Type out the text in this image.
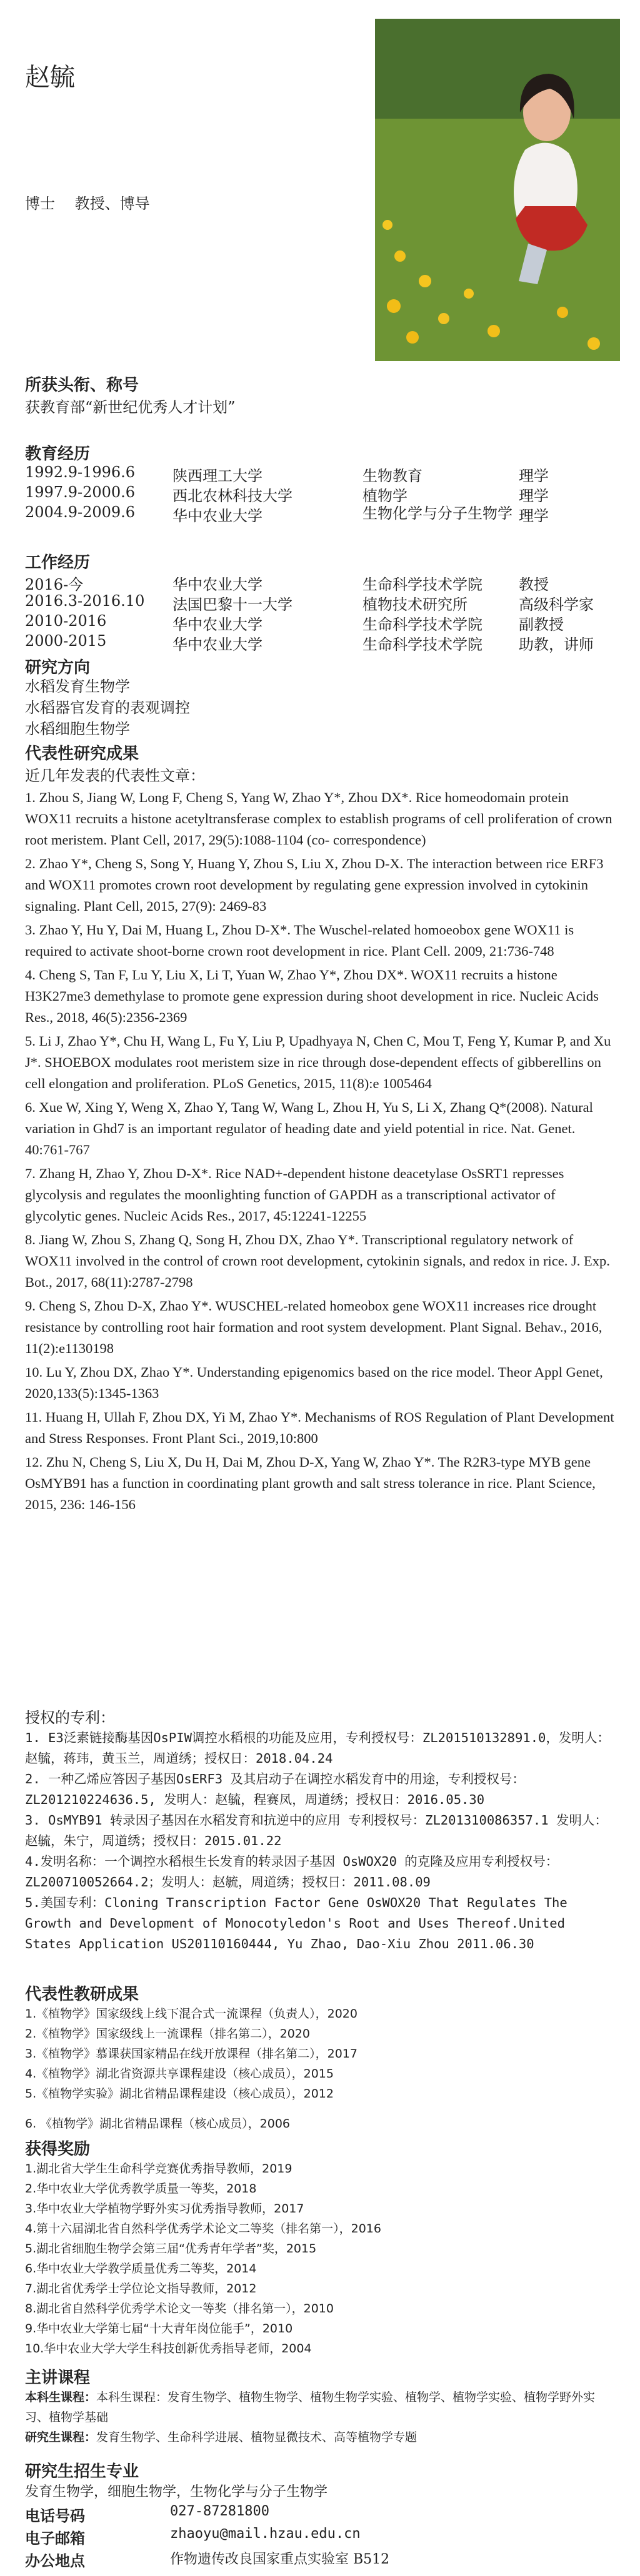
赵毓
博士　 教授、博导
所获头衔、称号
获教育部“新世纪优秀人才计划”
教育经历
1992.9-1996.6 陕西理工大学	生物教育	理学
1997.9-2000.6 西北农林科技大学	植物学	理学
2004.9-2009.6 华中农业大学	生物化学与分子生物学 理学
工作经历
2016-今	华中农业大学	生命科学技术学院 教授
2016.3-2016.10 法国巴黎十一大学	植物技术研究所	高级科学家
2010-2016	华中农业大学	生命科学技术学院 副教授
2000-2015	华中农业大学	生命科学技术学院 助教，讲师
研究方向
水稻发育生物学
水稻器官发育的表观调控
水稻细胞生物学
代表性研究成果
近几年发表的代表性文章：

1. Zhou S, Jiang W, Long F, Cheng S, Yang W, Zhao Y*, Zhou DX*. Rice homeodomain protein WOX11 recruits a histone acetyltransferase complex to establish programs of cell proliferation of crown root meristem. Plant Cell, 2017, 29(5):1088-1104 (co- correspondence)

2. Zhao Y*, Cheng S, Song Y, Huang Y, Zhou S, Liu X, Zhou D-X. The interaction between rice ERF3 and WOX11 promotes crown root development by regulating gene expression involved in cytokinin signaling. Plant Cell, 2015, 27(9): 2469-83

3. Zhao Y, Hu Y, Dai M, Huang L, Zhou D-X*. The Wuschel-related homoeobox gene WOX11 is required to activate shoot-borne crown root development in rice. Plant Cell. 2009, 21:736-748

4. Cheng S, Tan F, Lu Y, Liu X, Li T, Yuan W, Zhao Y*, Zhou DX*. WOX11 recruits a histone H3K27me3 demethylase to promote gene expression during shoot development in rice. Nucleic Acids Res., 2018, 46(5):2356-2369

5. Li J, Zhao Y*, Chu H, Wang L, Fu Y, Liu P, Upadhyaya N, Chen C, Mou T, Feng Y, Kumar P, and Xu J*. SHOEBOX modulates root meristem size in rice through dose-dependent effects of gibberellins on cell elongation and proliferation. PLoS Genetics, 2015, 11(8):e 1005464

6. Xue W, Xing Y, Weng X, Zhao Y, Tang W, Wang L, Zhou H, Yu S, Li X, Zhang Q*(2008). Natural variation in Ghd7 is an important regulator of heading date and yield potential in rice. Nat. Genet. 40:761-767

7. Zhang H, Zhao Y, Zhou D-X*. Rice NAD+-dependent histone deacetylase OsSRT1 represses glycolysis and regulates the moonlighting function of GAPDH as a transcriptional activator of glycolytic genes. Nucleic Acids Res., 2017, 45:12241-12255

8. Jiang W, Zhou S, Zhang Q, Song H, Zhou DX, Zhao Y*. Transcriptional regulatory network of WOX11 involved in the control of crown root development, cytokinin signals, and redox in rice. J. Exp. Bot., 2017, 68(11):2787-2798

9. Cheng S, Zhou D-X, Zhao Y*. WUSCHEL-related homeobox gene WOX11 increases rice drought resistance by controlling root hair formation and root system development. Plant Signal. Behav., 2016, 11(2):e1130198

10. Lu Y, Zhou DX, Zhao Y*. Understanding epigenomics based on the rice model. Theor Appl Genet, 2020,133(5):1345-1363

11. Huang H, Ullah F, Zhou DX, Yi M, Zhao Y*. Mechanisms of ROS Regulation of Plant Development and Stress Responses. Front Plant Sci., 2019,10:800

12. Zhu N, Cheng S, Liu X, Du H, Dai M, Zhou D-X, Yang W, Zhao Y*. The R2R3-type MYB gene OsMYB91 has a function in coordinating plant growth and salt stress tolerance in rice. Plant Science, 2015, 236: 146-156

授权的专利：
1. E3泛素链接酶基因OsPIW调控水稻根的功能及应用，专利授权号：ZL201510132891.0，发明人：赵毓，蒋玮，黄玉兰，周道绣；授权日：2018.04.24
2. 一种乙烯应答因子基因OsERF3 及其启动子在调控水稻发育中的用途，专利授权号：ZL201210224636.5, 发明人：赵毓，程赛凤，周道绣；授权日：2016.05.30
3. OsMYB91 转录因子基因在水稻发育和抗逆中的应用 专利授权号：ZL201310086357.1 发明人：赵毓，朱宁，周道绣；授权日：2015.01.22
4.发明名称：一个调控水稻根生长发育的转录因子基因 OsWOX20 的克隆及应用专利授权号：ZL200710052664.2；发明人：赵毓，周道绣；授权日：2011.08.09
5.美国专利：Cloning Transcription Factor Gene OsWOX20 That Regulates The Growth and Development of Monocotyledon's Root and Uses Thereof.United States Application US20110160444, Yu Zhao, Dao-Xiu Zhou 2011.06.30
代表性教研成果
1.《植物学》国家级线上线下混合式一流课程（负责人），2020
2.《植物学》国家级线上一流课程（排名第二），2020
3.《植物学》慕课获国家精品在线开放课程（排名第二），2017
4.《植物学》湖北省资源共享课程建设（核心成员），2015
5.《植物学实验》湖北省精品课程建设（核心成员），2012
6. 《植物学》湖北省精品课程（核心成员），2006
获得奖励
1.湖北省大学生生命科学竞赛优秀指导教师，2019
2.华中农业大学优秀教学质量一等奖，2018
3.华中农业大学植物学野外实习优秀指导教师，2017
4.第十六届湖北省自然科学优秀学术论文二等奖（排名第一），2016
5.湖北省细胞生物学会第三届“优秀青年学者”奖，2015
6.华中农业大学教学质量优秀二等奖，2014
7.湖北省优秀学士学位论文指导教师，2012
8.湖北省自然科学优秀学术论文一等奖（排名第一），2010
9.华中农业大学第七届“十大青年岗位能手”，2010
10.华中农业大学大学生科技创新优秀指导老师，2004
主讲课程
本科生课程：本科生课程：发育生物学、植物生物学、植物生物学实验、植物学、植物学实验、植物学野外实习、植物学基础
研究生课程：发育生物学、生命科学进展、植物显微技术、高等植物学专题
研究生招生专业
发育生物学，细胞生物学，生物化学与分子生物学
电话号码	027-87281800
电子邮箱	zhaoyu@mail.hzau.edu.cn
办公地点	作物遗传改良国家重点实验室 B512
